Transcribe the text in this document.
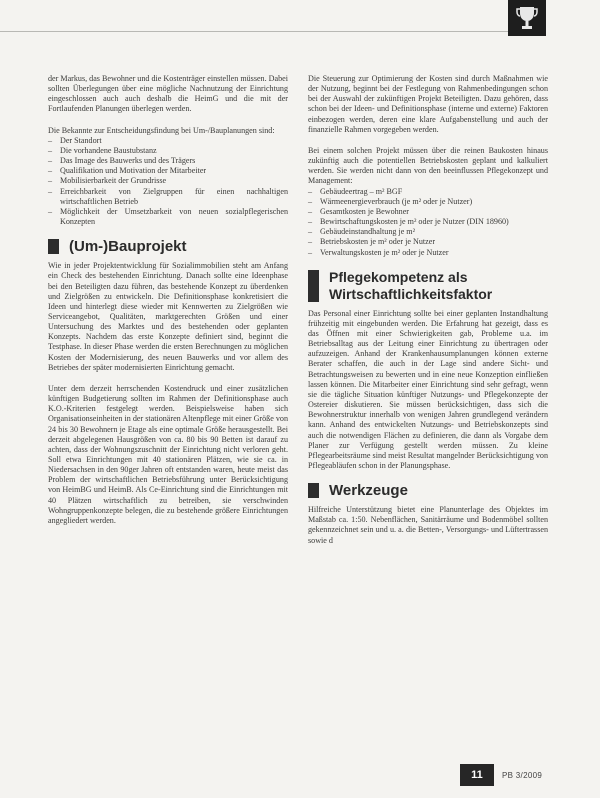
der Markus, das Bewohner und die Kostenträger einstellen müssen. Dabei sollten Überlegungen über eine mögliche Nachnutzung der Einrichtung eingeschlossen auch auch deshalb die HeimG und die mit der Fortlaufenden Planungen überlegen werden.

Die Bekannte zur Entscheidungsfindung bei Um-/Bauplanungen sind:

– Der Standort
– Die vorhandene Baustubstanz
– Das Image des Bauwerks und des Trägers
– Qualifikation und Motivation der Mitarbeiter
– Mobilisierbarkeit der Grundrisse
– Erreichbarkeit von Zielgruppen für einen nachhaltigen wirtschaftlichen Betrieb
– Möglichkeit der Umsetzbarkeit von neuen sozialpflegerischen Konzepten
(Um-)Bauprojekt

Wie in jeder Projektentwicklung für Sozialimmobilien steht am Anfang ein Check des bestehenden Einrichtung. Danach sollte eine Ideenphase bei den Beteiligten dazu führen, das bestehende Konzept zu überdenken und Zielgrößen zu entwickeln. Die Definitionsphase konkretisiert die Ideen und hinterlegt diese wieder mit Kennwerten zu Zielgrößen wie Serviceangebot, Qualitäten, marktgerechten Größen und einer Untersuchung des Marktes und des bestehenden oder geplanten Konzepts. Nachdem das erste Konzepte definiert sind, beginnt die Testphase. In dieser Phase werden die ersten Berechnungen zu möglichen Kosten der Modernisierung, des neuen Bauwerks und vor allem des Betriebes der später modernisierten Einrichtung gemacht.

Unter dem derzeit herrschenden Kostendruck und einer zusätzlichen künftigen Budgetierung sollten im Rahmen der Definitionsphase auch K.O.-Kriterien festgelegt werden. Beispielsweise haben sich Organisationseinheiten in der stationären Altenpflege mit einer Größe von 24 bis 30 Bewohnern je Etage als eine optimale Größe herausgestellt. Bei derzeit abgelegenen Hausgrößen von ca. 80 bis 90 Betten ist darauf zu achten, dass der Wohnungszuschnitt der Einrichtung nicht verloren geht. Soll etwa Einrichtungen mit 40 stationären Plätzen, wie sie ca. in Niedersachsen in den 90ger Jahren oft entstanden waren, heute meist das Problem der wirtschaftlichen Betriebsführung unter Berücksichtigung von HeimBG und HeimB. Als Ce-Einrichtung sind die Einrichtungen mit 40 Plätzen wirtschaftlich zu betreiben, sie verschwinden Wohngruppenkonzepte belegen, die zu bestehende größere Einrichtungen angegliedert werden.

Die Steuerung zur Optimierung der Kosten sind durch Maßnahmen wie der Nutzung, beginnt bei der Festlegung von Rahmenbedingungen schon bei der Auswahl der zukünftigen Projekt Beteiligten. Dazu gehören, dass schon bei der Ideen- und Definitionsphase (interne und externe) Faktoren einbezogen werden, deren eine klare Aufgabenstellung und auch der finanzielle Rahmen vorgegeben werden.

Bei einem solchen Projekt müssen über die reinen Baukosten hinaus zukünftig auch die potentiellen Betriebskosten geplant und kalkuliert werden. Sie werden nicht dann von den beeinflussen Pflegekonzept und Management:

– Gebäudeertrag – m² BGF
– Wärmeenergieverbrauch (je m² oder je Nutzer)
– Gesamtkosten je Bewohner
– Bewirtschaftungskosten je m² oder je Nutzer (DIN 18960)
– Gebäudeinstandhaltung je m²
– Betriebskosten je m² oder je Nutzer
– Verwaltungskosten je m² oder je Nutzer
Pflegekompetenz als
Wirtschaftlichkeitsfaktor

Das Personal einer Einrichtung sollte bei einer geplanten Instandhaltung frühzeitig mit eingebunden werden. Die Erfahrung hat gezeigt, dass es das Öffnen mit einer Schwierigkeiten gab, Probleme u.a. im Betriebsalltag aus der Leitung einer Einrichtung zu übertragen oder aufzuzeigen. Anhand der Krankenhausumplanungen können externe Berater schaffen, die auch in der Lage sind andere Sicht- und Betrachtungsweisen zu bewerten und in eine neue Konzeption einfließen lassen können. Die Mitarbeiter einer Einrichtung sind sehr gefragt, wenn sie die tägliche Situation künftiger Nutzungs- und Pflegekonzepte der Ostereier diskutieren. Sie müssen berücksichtigen, dass sich die Bewohnerstruktur innerhalb von wenigen Jahren grundlegend verändern kann. Anhand des entwickelten Nutzungs- und Betriebskonzepts sind auch die notwendigen Flächen zu definieren, die dann als Vorgabe dem Planer zur Verfügung gestellt werden müssen. Zu kleine Pflegearbeitsräume sind meist Resultat mangelnder Berücksichtigung von Pflegeabläufen schon in der Planungsphase.

Werkzeuge

Hilfreiche Unterstützung bietet eine Planunterlage des Objektes im Maßstab ca. 1:50. Nebenflächen, Sanitärräume und Bodenmöbel sollten gekennzeichnet sein und u. a. die Betten-, Versorgungs- und Lüftertrassen sowie d

11	PB 3/2009
